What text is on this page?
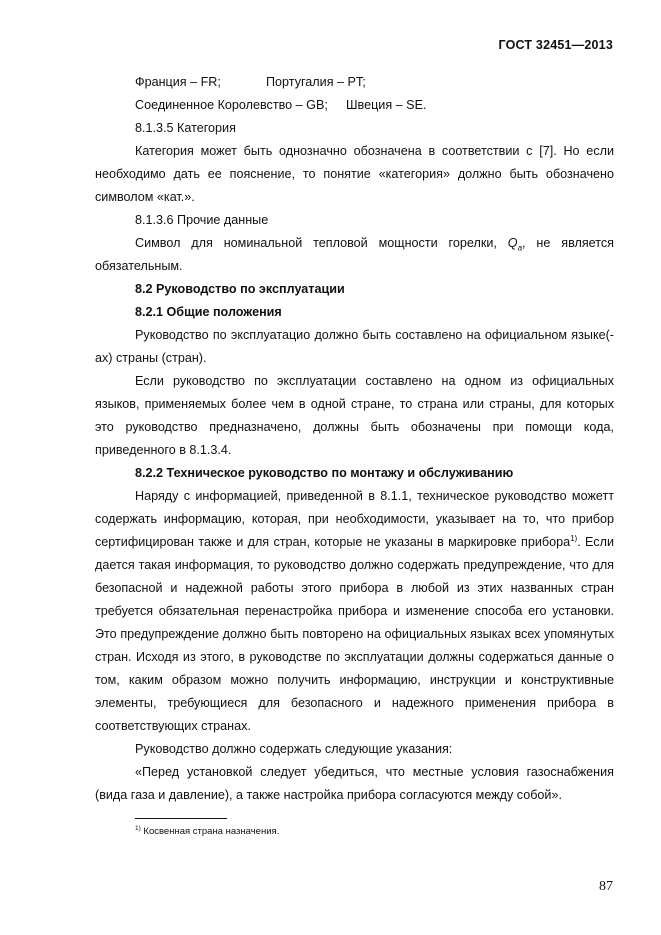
ГОСТ 32451—2013

Франция – FR;	Португалия – PT;

Соединенное Королевство – GB; Швеция – SE.

8.1.3.5 Категория

Категория может быть однозначно обозначена в соответствии с [7]. Но если необходимо дать ее пояснение, то понятие «категория» должно быть обозначено символом «кат.».

8.1.3.6 Прочие данные

Символ для номинальной тепловой мощности горелки, $Q_a$, не является обязательным.

8.2 Руководство по эксплуатации

8.2.1 Общие положения

Руководство по эксплуатацио должно быть составлено на официальном языке(-ах) страны (стран).

Если руководство по эксплуатации составлено на одном из официальных языков, применяемых более чем в одной стране, то страна или страны, для которых это руководство предназначено, должны быть обозначены при помощи кода, приведенного в 8.1.3.4.

8.2.2 Техническое руководство по монтажу и обслуживанию

Наряду с информацией, приведенной в 8.1.1, техническое руководство можетт содержать информацию, которая, при необходимости, указывает на то, что прибор сертифицирован также и для стран, которые не указаны в маркировке прибора$^{1)}$. Если дается такая информация, то руководство должно содержать предупреждение, что для безопасной и надежной работы этого прибора в любой из этих названных стран требуется обязательная перенастройка прибора и изменение способа его установки. Это предупреждение должно быть повторено на официальных языках всех упомянутых стран. Исходя из этого, в руководстве по эксплуатации должны содержаться данные о том, каким образом можно получить информацию, инструкции и конструктивные элементы, требующиеся для безопасного и надежного применения прибора в соответствующих странах.

Руководство должно содержать следующие указания:

«Перед установкой следует убедиться, что местные условия газоснабжения (вида газа и давление), а также настройка прибора согласуются между собой».

$^{1)}$ Косвенная страна назначения.
87
